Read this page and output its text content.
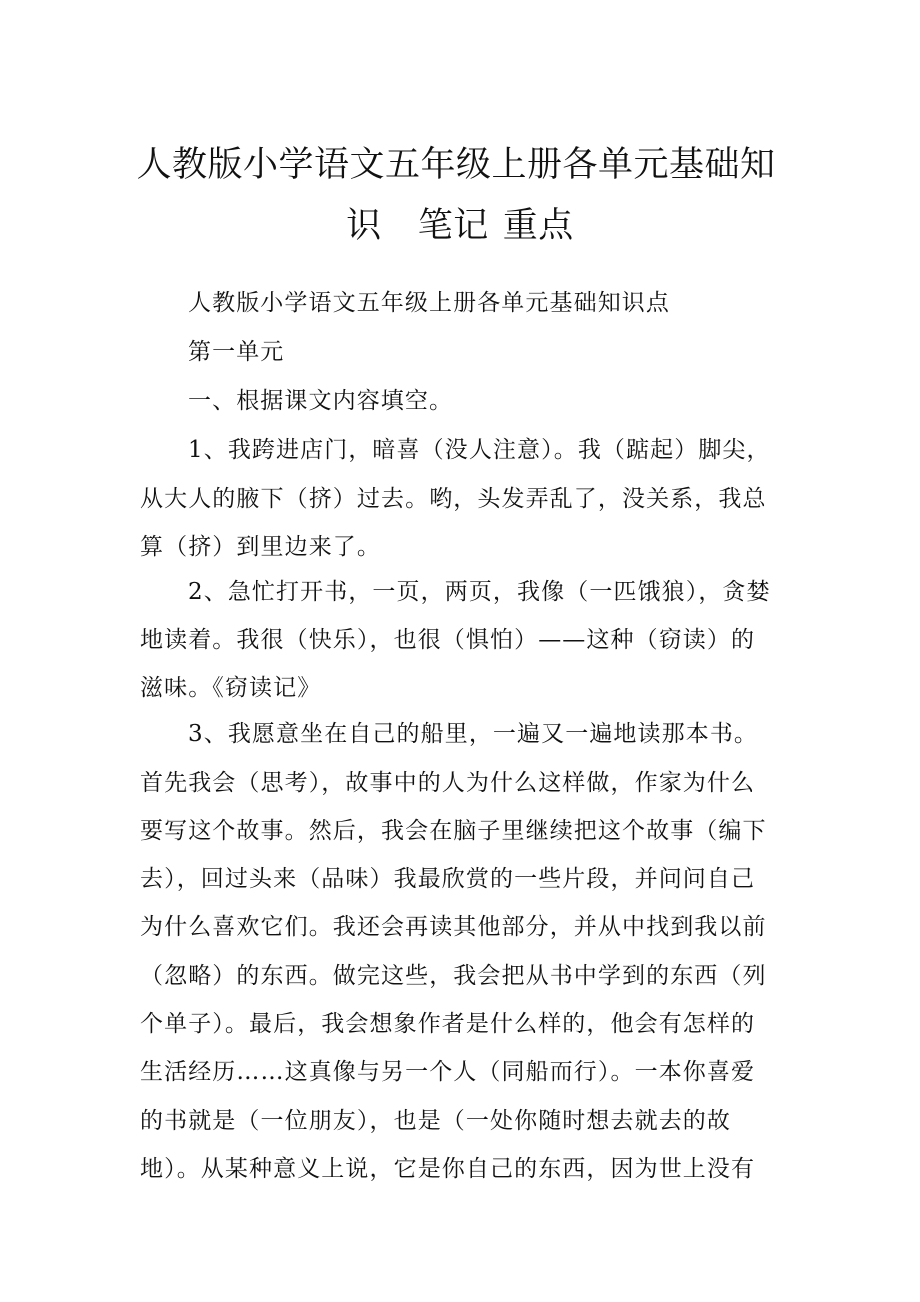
人教版小学语文五年级上册各单元基础知
识 笔记 重点
人教版小学语文五年级上册各单元基础知识点
第一单元
一、根据课文内容填空。
1、我跨进店门，暗喜（没人注意）。我（踮起）脚尖，
从大人的腋下（挤）过去。哟，头发弄乱了，没关系，我总
算（挤）到里边来了。
2、急忙打开书，一页，两页，我像（一匹饿狼），贪婪
地读着。我很（快乐），也很（惧怕）——这种（窃读）的
滋味。《窃读记》
3、我愿意坐在自己的船里，一遍又一遍地读那本书。
首先我会（思考），故事中的人为什么这样做，作家为什么
要写这个故事。然后，我会在脑子里继续把这个故事（编下
去），回过头来（品味）我最欣赏的一些片段，并问问自己
为什么喜欢它们。我还会再读其他部分，并从中找到我以前
（忽略）的东西。做完这些，我会把从书中学到的东西（列
个单子）。最后，我会想象作者是什么样的，他会有怎样的
生活经历……这真像与另一个人（同船而行）。一本你喜爱
的书就是（一位朋友），也是（一处你随时想去就去的故
地）。从某种意义上说，它是你自己的东西，因为世上没有
